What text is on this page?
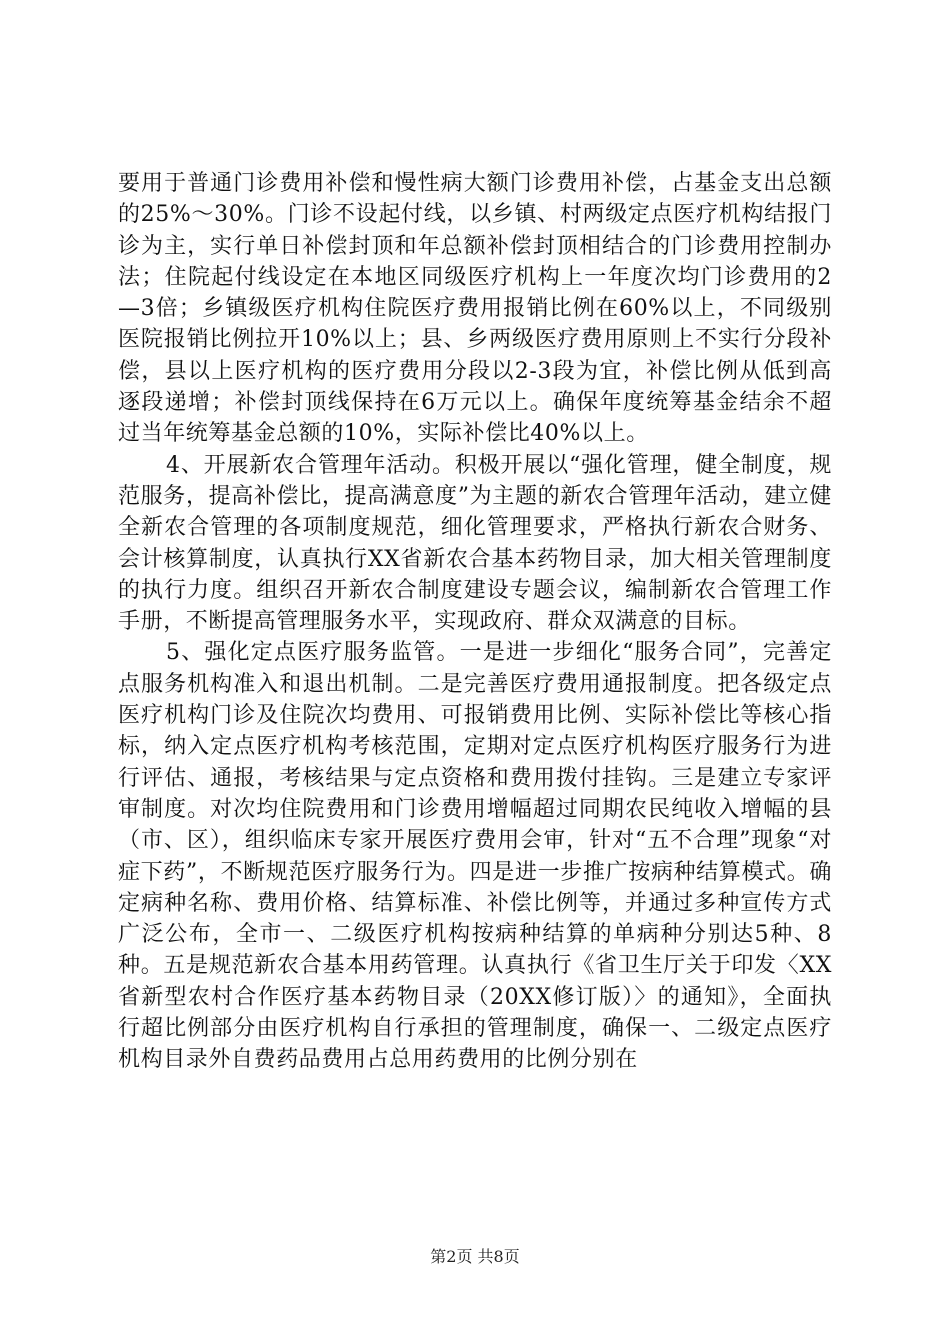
要用于普通门诊费用补偿和慢性病大额门诊费用补偿，占基金支出总额的25%～30%。门诊不设起付线，以乡镇、村两级定点医疗机构结报门诊为主，实行单日补偿封顶和年总额补偿封顶相结合的门诊费用控制办法；住院起付线设定在本地区同级医疗机构上一年度次均门诊费用的2—3倍；乡镇级医疗机构住院医疗费用报销比例在60%以上，不同级别医院报销比例拉开10%以上；县、乡两级医疗费用原则上不实行分段补偿，县以上医疗机构的医疗费用分段以2-3段为宜，补偿比例从低到高逐段递增；补偿封顶线保持在6万元以上。确保年度统筹基金结余不超过当年统筹基金总额的10%，实际补偿比40%以上。

4、开展新农合管理年活动。积极开展以“强化管理，健全制度，规范服务，提高补偿比，提高满意度”为主题的新农合管理年活动，建立健全新农合管理的各项制度规范，细化管理要求，严格执行新农合财务、会计核算制度，认真执行XX省新农合基本药物目录，加大相关管理制度的执行力度。组织召开新农合制度建设专题会议，编制新农合管理工作手册，不断提高管理服务水平，实现政府、群众双满意的目标。

5、强化定点医疗服务监管。一是进一步细化“服务合同”，完善定点服务机构准入和退出机制。二是完善医疗费用通报制度。把各级定点医疗机构门诊及住院次均费用、可报销费用比例、实际补偿比等核心指标，纳入定点医疗机构考核范围，定期对定点医疗机构医疗服务行为进行评估、通报，考核结果与定点资格和费用拨付挂钩。三是建立专家评审制度。对次均住院费用和门诊费用增幅超过同期农民纯收入增幅的县（市、区），组织临床专家开展医疗费用会审，针对“五不合理”现象“对症下药”，不断规范医疗服务行为。四是进一步推广按病种结算模式。确定病种名称、费用价格、结算标准、补偿比例等，并通过多种宣传方式广泛公布，全市一、二级医疗机构按病种结算的单病种分别达5种、8种。五是规范新农合基本用药管理。认真执行《省卫生厅关于印发〈XX省新型农村合作医疗基本药物目录（20XX修订版）〉的通知》，全面执行超比例部分由医疗机构自行承担的管理制度，确保一、二级定点医疗机构目录外自费药品费用占总用药费用的比例分别在

第2页 共8页
